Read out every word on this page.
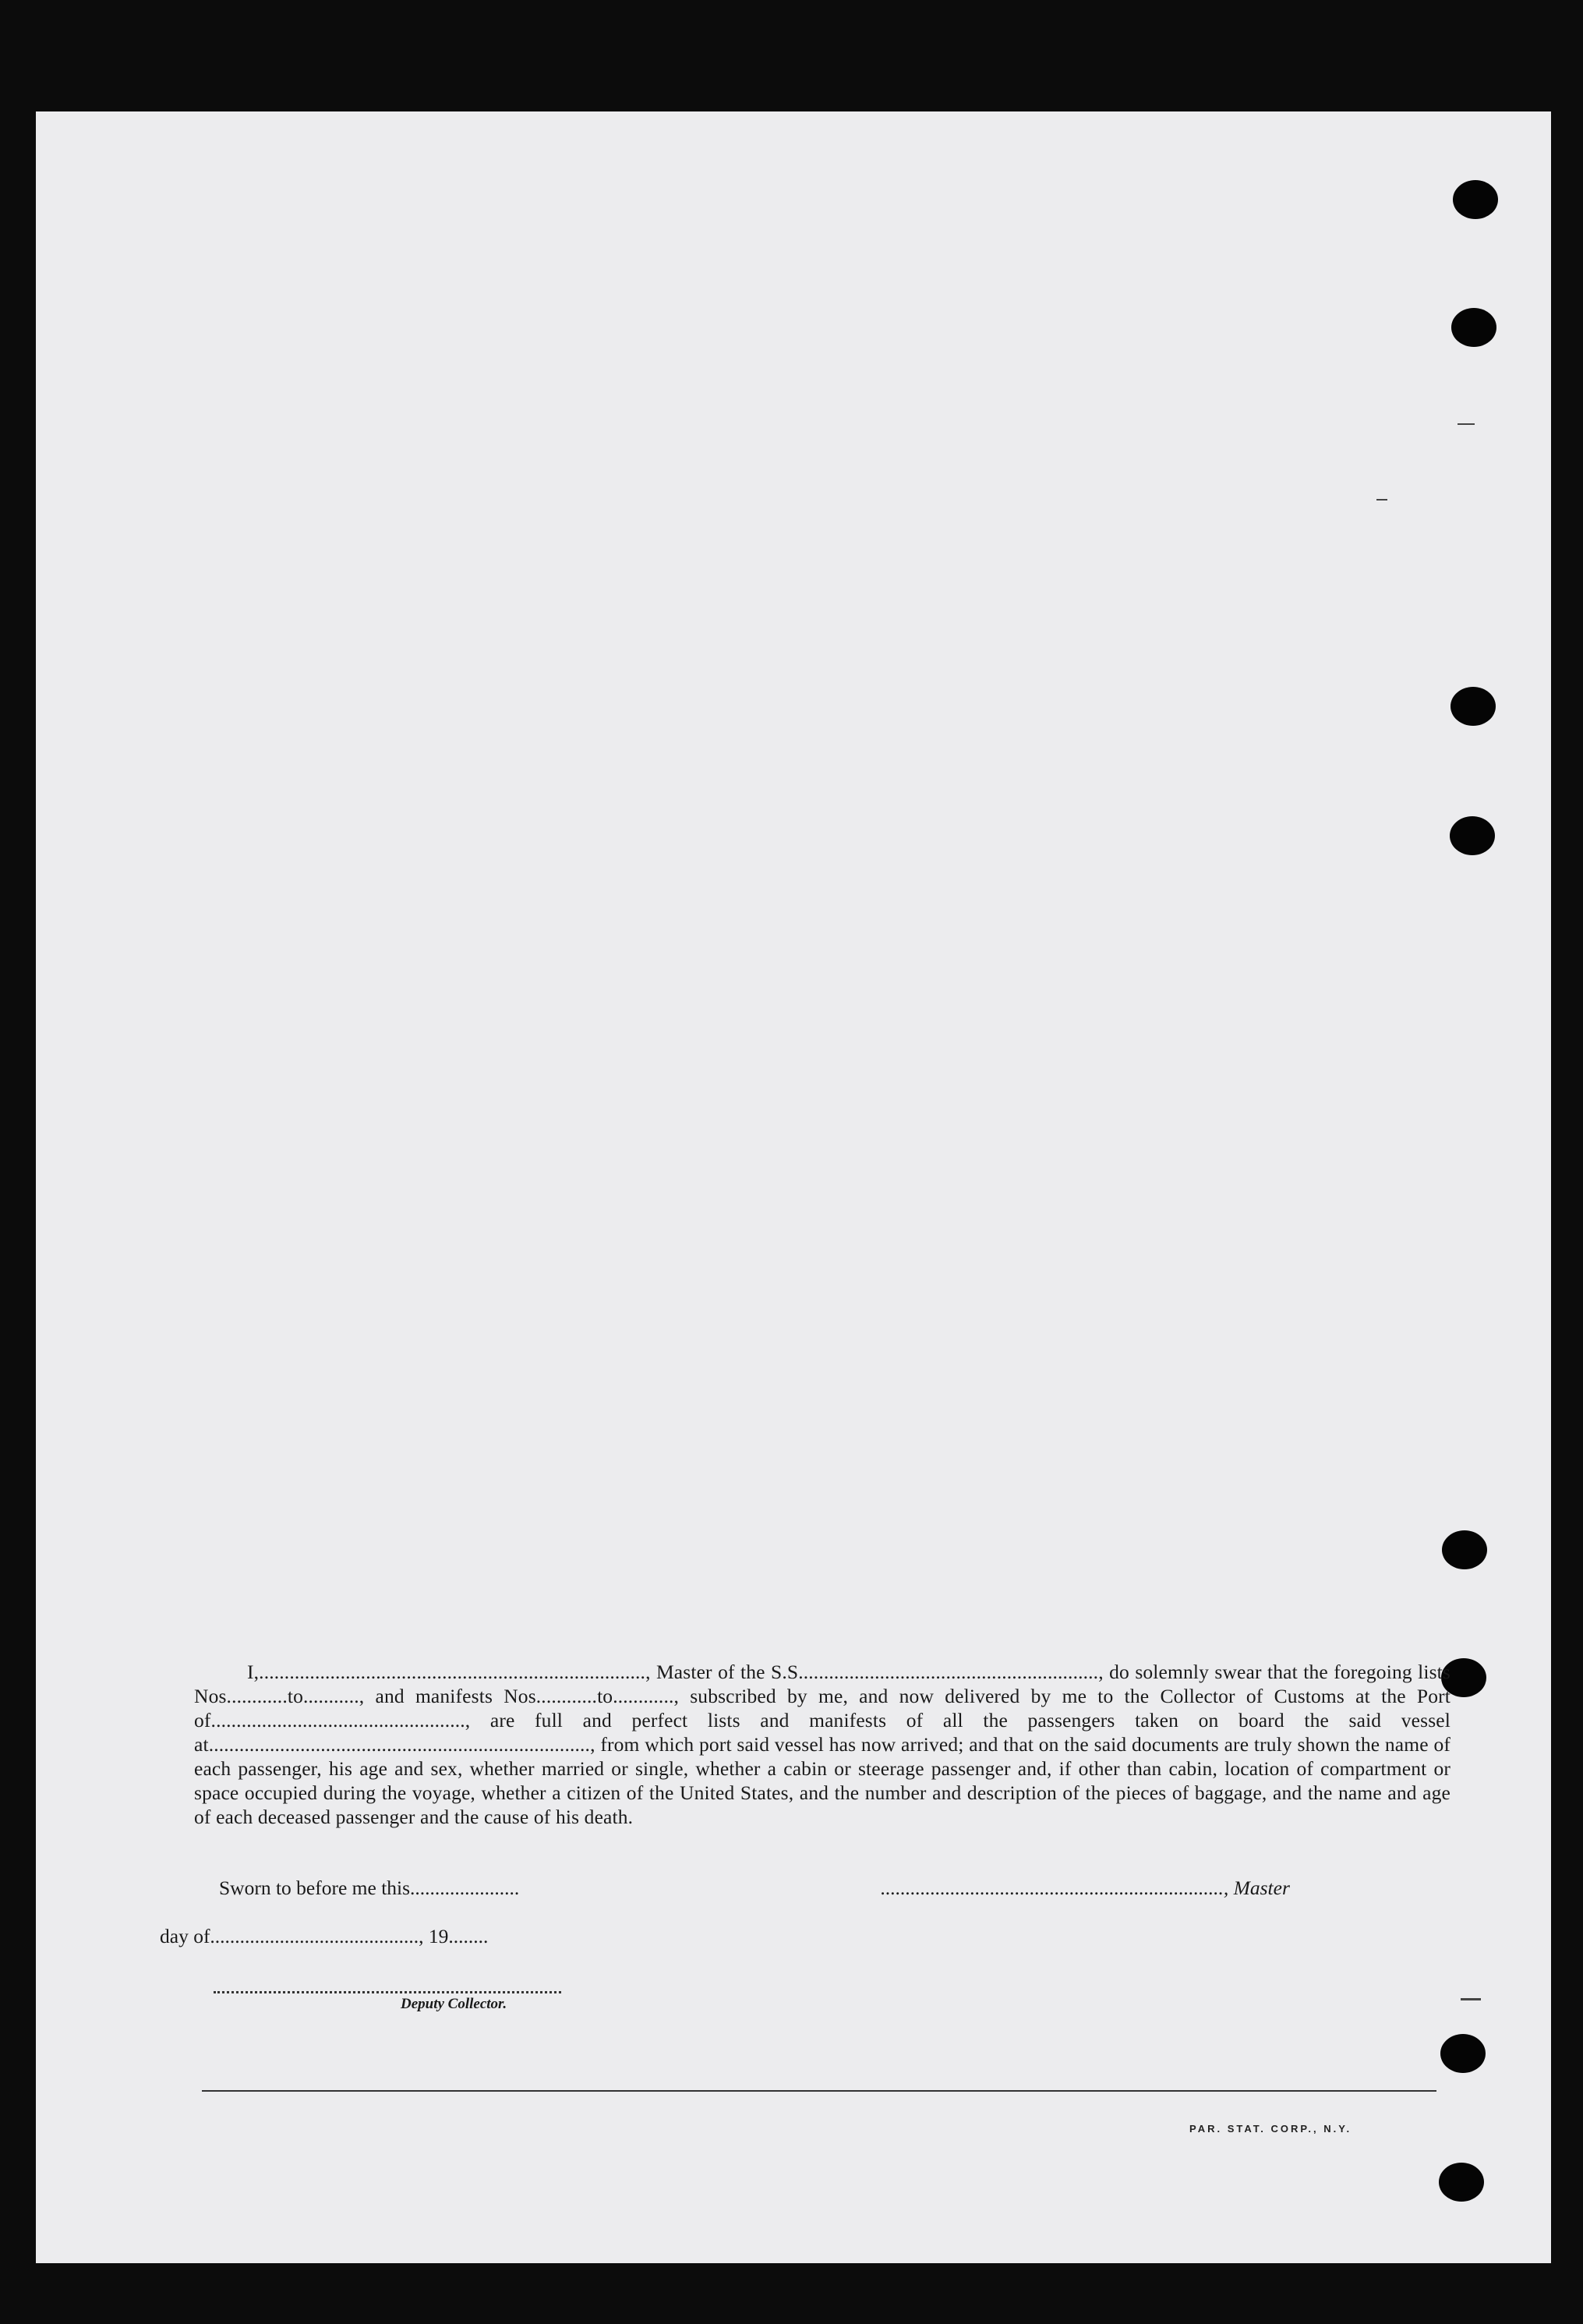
I,............................................................................, Master of the S.S..........................................................., do solemnly swear that the foregoing lists Nos............to..........., and manifests Nos............to............, subscribed by me, and now delivered by me to the Collector of Customs at the Port of.................................................., are full and perfect lists and manifests of all the passengers taken on board the said vessel at..........................................................................., from which port said vessel has now arrived; and that on the said documents are truly shown the name of each passenger, his age and sex, whether married or single, whether a cabin or steerage passenger and, if other than cabin, location of compartment or space occupied during the voyage, whether a citizen of the United States, and the number and description of the pieces of baggage, and the name and age of each deceased passenger and the cause of his death.
Sworn to before me this......................	....................................................................., Master
day of.........................................., 19........
Deputy Collector.
PAR. STAT. CORP., N.Y.
